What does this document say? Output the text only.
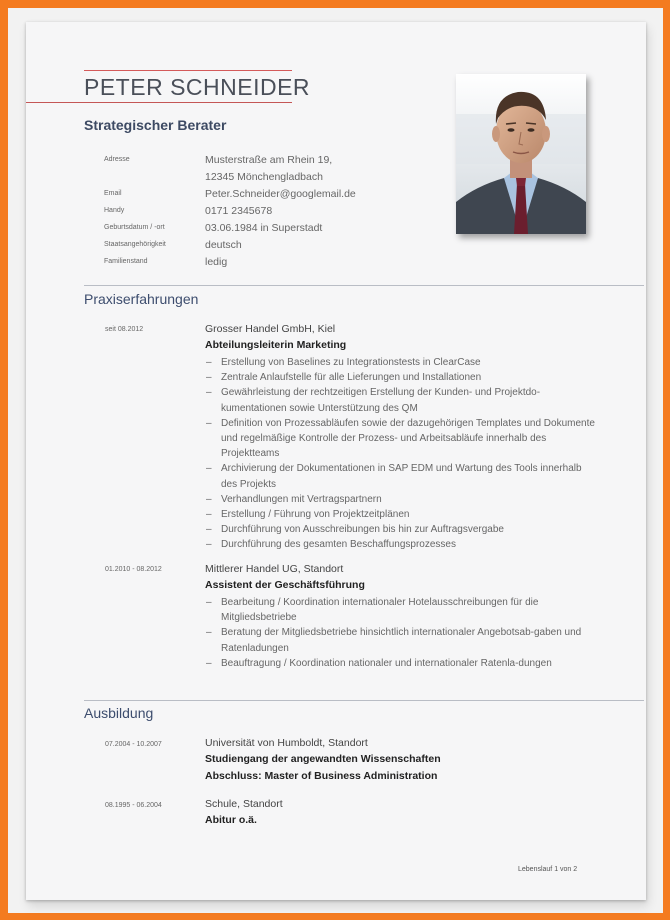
PETER SCHNEIDER
Strategischer Berater
Adresse	Musterstraße am Rhein 19,
12345 Mönchengladbach
Email	Peter.Schneider@googlemail.de
Handy	0171 2345678
Geburtsdatum / -ort	03.06.1984 in Superstadt
Staatsangehörigkeit	deutsch
Familienstand	ledig
Praxiserfahrungen
seit 08.2012	Grosser Handel GmbH, Kiel
Abteilungsleiterin Marketing
– Erstellung von Baselines zu Integrationstests in ClearCase
– Zentrale Anlaufstelle für alle Lieferungen und Installationen
– Gewährleistung der rechtzeitigen Erstellung der Kunden- und Projektdo-kumentationen sowie Unterstützung des QM
– Definition von Prozessabläufen sowie der dazugehörigen Templates und Dokumente und regelmäßige Kontrolle der Prozess- und Arbeitsabläufe innerhalb des Projektteams
– Archivierung der Dokumentationen in SAP EDM und Wartung des Tools innerhalb des Projekts
– Verhandlungen mit Vertragspartnern
– Erstellung / Führung von Projektzeitplänen
– Durchführung von Ausschreibungen bis hin zur Auftragsvergabe
– Durchführung des gesamten Beschaffungsprozesses
01.2010 - 08.2012	Mittlerer Handel UG, Standort
Assistent der Geschäftsführung
– Bearbeitung / Koordination internationaler Hotelausschreibungen für die Mitgliedsbetriebe
– Beratung der Mitgliedsbetriebe hinsichtlich internationaler Angebotsab-gaben und Ratenladungen
– Beauftragung / Koordination nationaler und internationaler Ratenla-dungen
Ausbildung
07.2004 - 10.2007	Universität von Humboldt, Standort
Studiengang der angewandten Wissenschaften
Abschluss: Master of Business Administration
08.1995 - 06.2004	Schule, Standort
Abitur o.ä.
Lebenslauf 1 von 2
